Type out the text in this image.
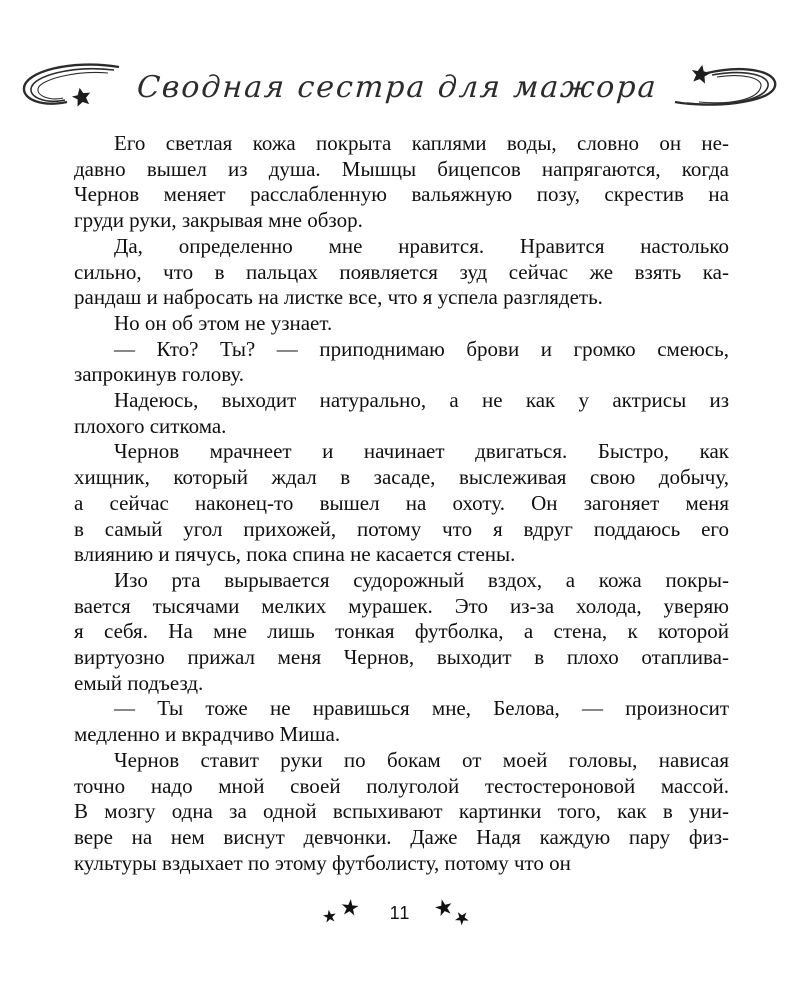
Сводная сестра для мажора
Его светлая кожа покрыта каплями воды, словно он не-
давно вышел из душа. Мышцы бицепсов напрягаются, когда
Чернов меняет расслабленную вальяжную позу, скрестив на
груди руки, закрывая мне обзор.
Да, определенно мне нравится. Нравится настолько
сильно, что в пальцах появляется зуд сейчас же взять ка-
рандаш и набросать на листке все, что я успела разглядеть.
Но он об этом не узнает.
— Кто? Ты? — приподнимаю брови и громко смеюсь,
запрокинув голову.
Надеюсь, выходит натурально, а не как у актрисы из
плохого ситкома.
Чернов мрачнеет и начинает двигаться. Быстро, как
хищник, который ждал в засаде, выслеживая свою добычу,
а сейчас наконец-то вышел на охоту. Он загоняет меня
в самый угол прихожей, потому что я вдруг поддаюсь его
влиянию и пячусь, пока спина не касается стены.
Изо рта вырывается судорожный вздох, а кожа покры-
вается тысячами мелких мурашек. Это из-за холода, уверяю
я себя. На мне лишь тонкая футболка, а стена, к которой
виртуозно прижал меня Чернов, выходит в плохо отаплива-
емый подъезд.
— Ты тоже не нравишься мне, Белова, — произносит
медленно и вкрадчиво Миша.
Чернов ставит руки по бокам от моей головы, нависая
точно надо мной своей полуголой тестостероновой массой.
В мозгу одна за одной вспыхивают картинки того, как в уни-
вере на нем виснут девчонки. Даже Надя каждую пару физ-
культуры вздыхает по этому футболисту, потому что он
★ ★ 11 ★
★
